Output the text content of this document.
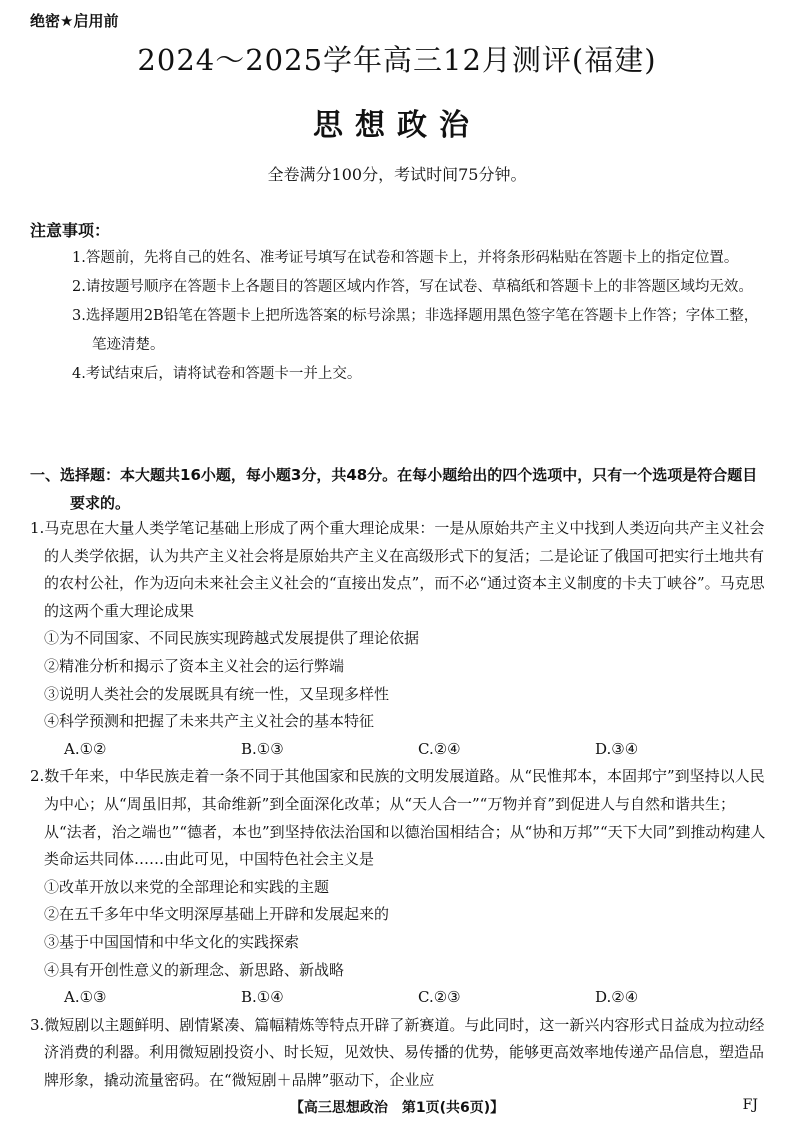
绝密★启用前
2024～2025学年高三12月测评(福建)
思想政治
全卷满分100分，考试时间75分钟。
注意事项：
1.答题前，先将自己的姓名、准考证号填写在试卷和答题卡上，并将条形码粘贴在答题卡上的指定位置。
2.请按题号顺序在答题卡上各题目的答题区域内作答，写在试卷、草稿纸和答题卡上的非答题区域均无效。
3.选择题用2B铅笔在答题卡上把所选答案的标号涂黑；非选择题用黑色签字笔在答题卡上作答；字体工整，笔迹清楚。
4.考试结束后，请将试卷和答题卡一并上交。
一、选择题：本大题共16小题，每小题3分，共48分。在每小题给出的四个选项中，只有一个选项是符合题目要求的。
1.马克思在大量人类学笔记基础上形成了两个重大理论成果：一是从原始共产主义中找到人类迈向共产主义社会的人类学依据，认为共产主义社会将是原始共产主义在高级形式下的复活；二是论证了俄国可把实行土地共有的农村公社，作为迈向未来社会主义社会的“直接出发点”，而不必“通过资本主义制度的卡夫丁峡谷”。马克思的这两个重大理论成果
①为不同国家、不同民族实现跨越式发展提供了理论依据
②精准分析和揭示了资本主义社会的运行弊端
③说明人类社会的发展既具有统一性，又呈现多样性
④科学预测和把握了未来共产主义社会的基本特征
A.①②	B.①③	C.②④	D.③④
2.数千年来，中华民族走着一条不同于其他国家和民族的文明发展道路。从“民惟邦本，本固邦宁”到坚持以人民为中心；从“周虽旧邦，其命维新”到全面深化改革；从“天人合一”“万物并育”到促进人与自然和谐共生；从“法者，治之端也”“德者，本也”到坚持依法治国和以德治国相结合；从“协和万邦”“天下大同”到推动构建人类命运共同体……由此可见，中国特色社会主义是
①改革开放以来党的全部理论和实践的主题
②在五千多年中华文明深厚基础上开辟和发展起来的
③基于中国国情和中华文化的实践探索
④具有开创性意义的新理念、新思路、新战略
A.①③	B.①④	C.②③	D.②④
3.微短剧以主题鲜明、剧情紧凑、篇幅精炼等特点开辟了新赛道。与此同时，这一新兴内容形式日益成为拉动经济消费的利器。利用微短剧投资小、时长短，见效快、易传播的优势，能够更高效率地传递产品信息，塑造品牌形象，撬动流量密码。在“微短剧＋品牌”驱动下，企业应
【高三思想政治　第1页(共6页)】	FJ
